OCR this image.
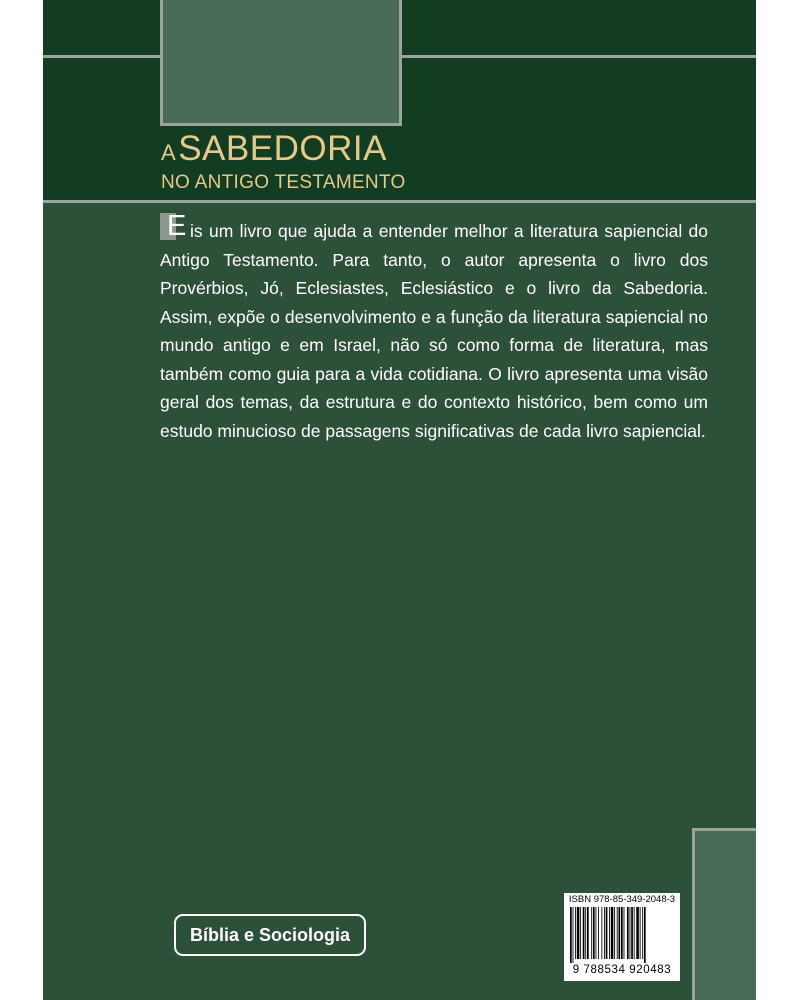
ASABEDORIA
NO ANTIGO TESTAMENTO
E is um livro que ajuda a entender melhor a literatura sapiencial do Antigo Testamento. Para tanto, o autor apresenta o livro dos Provérbios, Jó, Eclesiastes, Eclesiástico e o livro da Sabedoria. Assim, expõe o desenvolvimento e a função da literatura sapiencial no mundo antigo e em Israel, não só como forma de literatura, mas também como guia para a vida cotidiana. O livro apresenta uma visão geral dos temas, da estrutura e do contexto histórico, bem como um estudo minucioso de passagens significativas de cada livro sapiencial.
Bíblia e Sociologia
ISBN 978-85-349-2048-3
9 788534 920483
